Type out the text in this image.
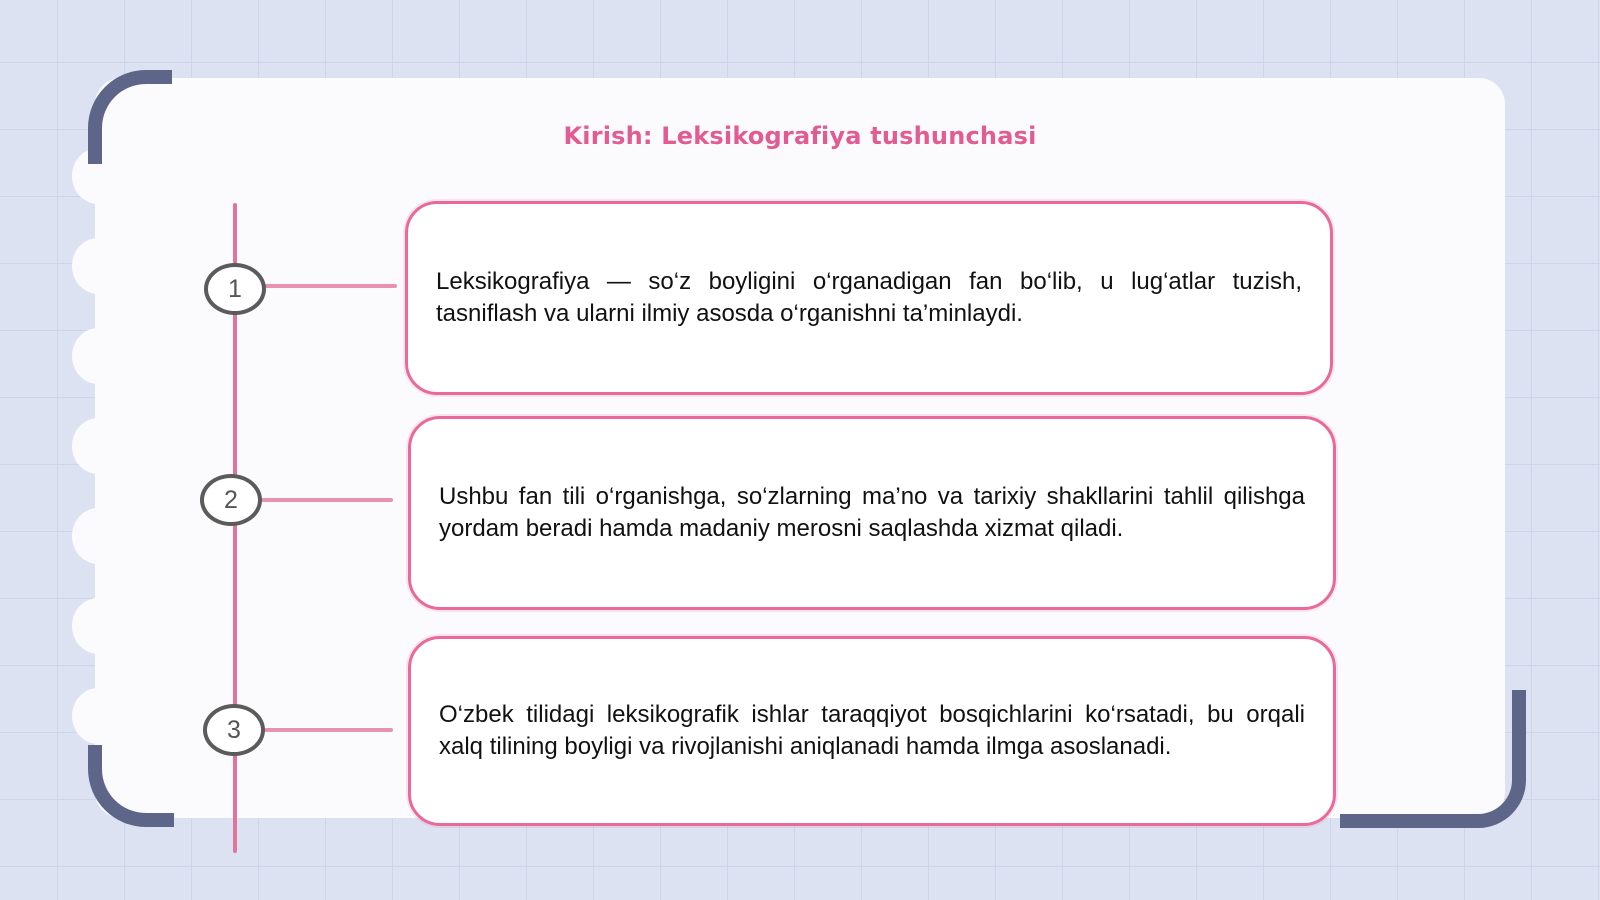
Kirish: Leksikografiya tushunchasi
1	Leksikografiya — so‘z boyligini o‘rganadigan fan bo‘lib, u lug‘atlar tuzish, tasniflash va ularni ilmiy asosda o‘rganishni ta’minlaydi.

2	Ushbu fan tili o‘rganishga, so‘zlarning ma’no va tarixiy shakllarini tahlil qilishga yordam beradi hamda madaniy merosni saqlashda xizmat qiladi.

3

O‘zbek tilidagi leksikografik ishlar taraqqiyot bosqichlarini ko‘rsatadi, bu orqali xalq tilining boyligi va rivojlanishi aniqlanadi hamda ilmga asoslanadi.
